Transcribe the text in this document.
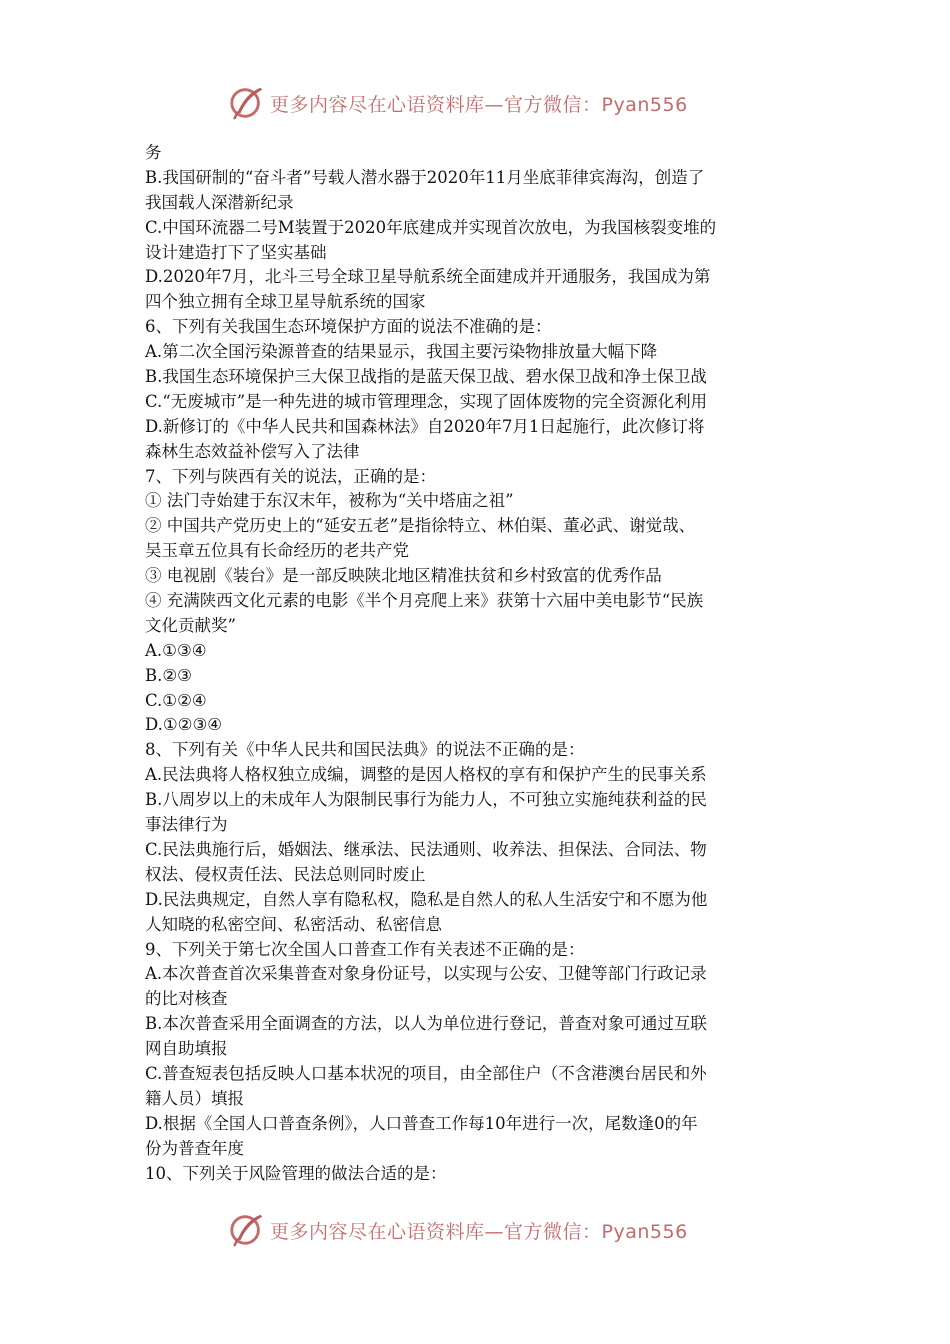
更多内容尽在心语资料库—官方微信：Pyan556
务
B.我国研制的“奋斗者”号载人潜水器于2020年11月坐底菲律宾海沟，创造了
我国载人深潜新纪录
C.中国环流器二号M装置于2020年底建成并实现首次放电，为我国核裂变堆的
设计建造打下了坚实基础
D.2020年7月，北斗三号全球卫星导航系统全面建成并开通服务，我国成为第
四个独立拥有全球卫星导航系统的国家
6、下列有关我国生态环境保护方面的说法不准确的是：
A.第二次全国污染源普查的结果显示，我国主要污染物排放量大幅下降
B.我国生态环境保护三大保卫战指的是蓝天保卫战、碧水保卫战和净土保卫战
C.“无废城市”是一种先进的城市管理理念，实现了固体废物的完全资源化利用
D.新修订的《中华人民共和国森林法》自2020年7月1日起施行，此次修订将
森林生态效益补偿写入了法律
7、下列与陕西有关的说法，正确的是：
① 法门寺始建于东汉末年，被称为“关中塔庙之祖”
② 中国共产党历史上的“延安五老”是指徐特立、林伯渠、董必武、谢觉哉、
吴玉章五位具有长命经历的老共产党
③ 电视剧《装台》是一部反映陕北地区精准扶贫和乡村致富的优秀作品
④ 充满陕西文化元素的电影《半个月亮爬上来》获第十六届中美电影节“民族
文化贡献奖”
A.①③④
B.②③
C.①②④
D.①②③④
8、下列有关《中华人民共和国民法典》的说法不正确的是：
A.民法典将人格权独立成编，调整的是因人格权的享有和保护产生的民事关系
B.八周岁以上的未成年人为限制民事行为能力人，不可独立实施纯获利益的民
事法律行为
C.民法典施行后，婚姻法、继承法、民法通则、收养法、担保法、合同法、物
权法、侵权责任法、民法总则同时废止
D.民法典规定，自然人享有隐私权，隐私是自然人的私人生活安宁和不愿为他
人知晓的私密空间、私密活动、私密信息
9、下列关于第七次全国人口普查工作有关表述不正确的是：
A.本次普查首次采集普查对象身份证号，以实现与公安、卫健等部门行政记录
的比对核查
B.本次普查采用全面调查的方法，以人为单位进行登记，普查对象可通过互联
网自助填报
C.普查短表包括反映人口基本状况的项目，由全部住户（不含港澳台居民和外
籍人员）填报
D.根据《全国人口普查条例》，人口普查工作每10年进行一次，尾数逢0的年
份为普查年度
10、下列关于风险管理的做法合适的是：
更多内容尽在心语资料库—官方微信：Pyan556
